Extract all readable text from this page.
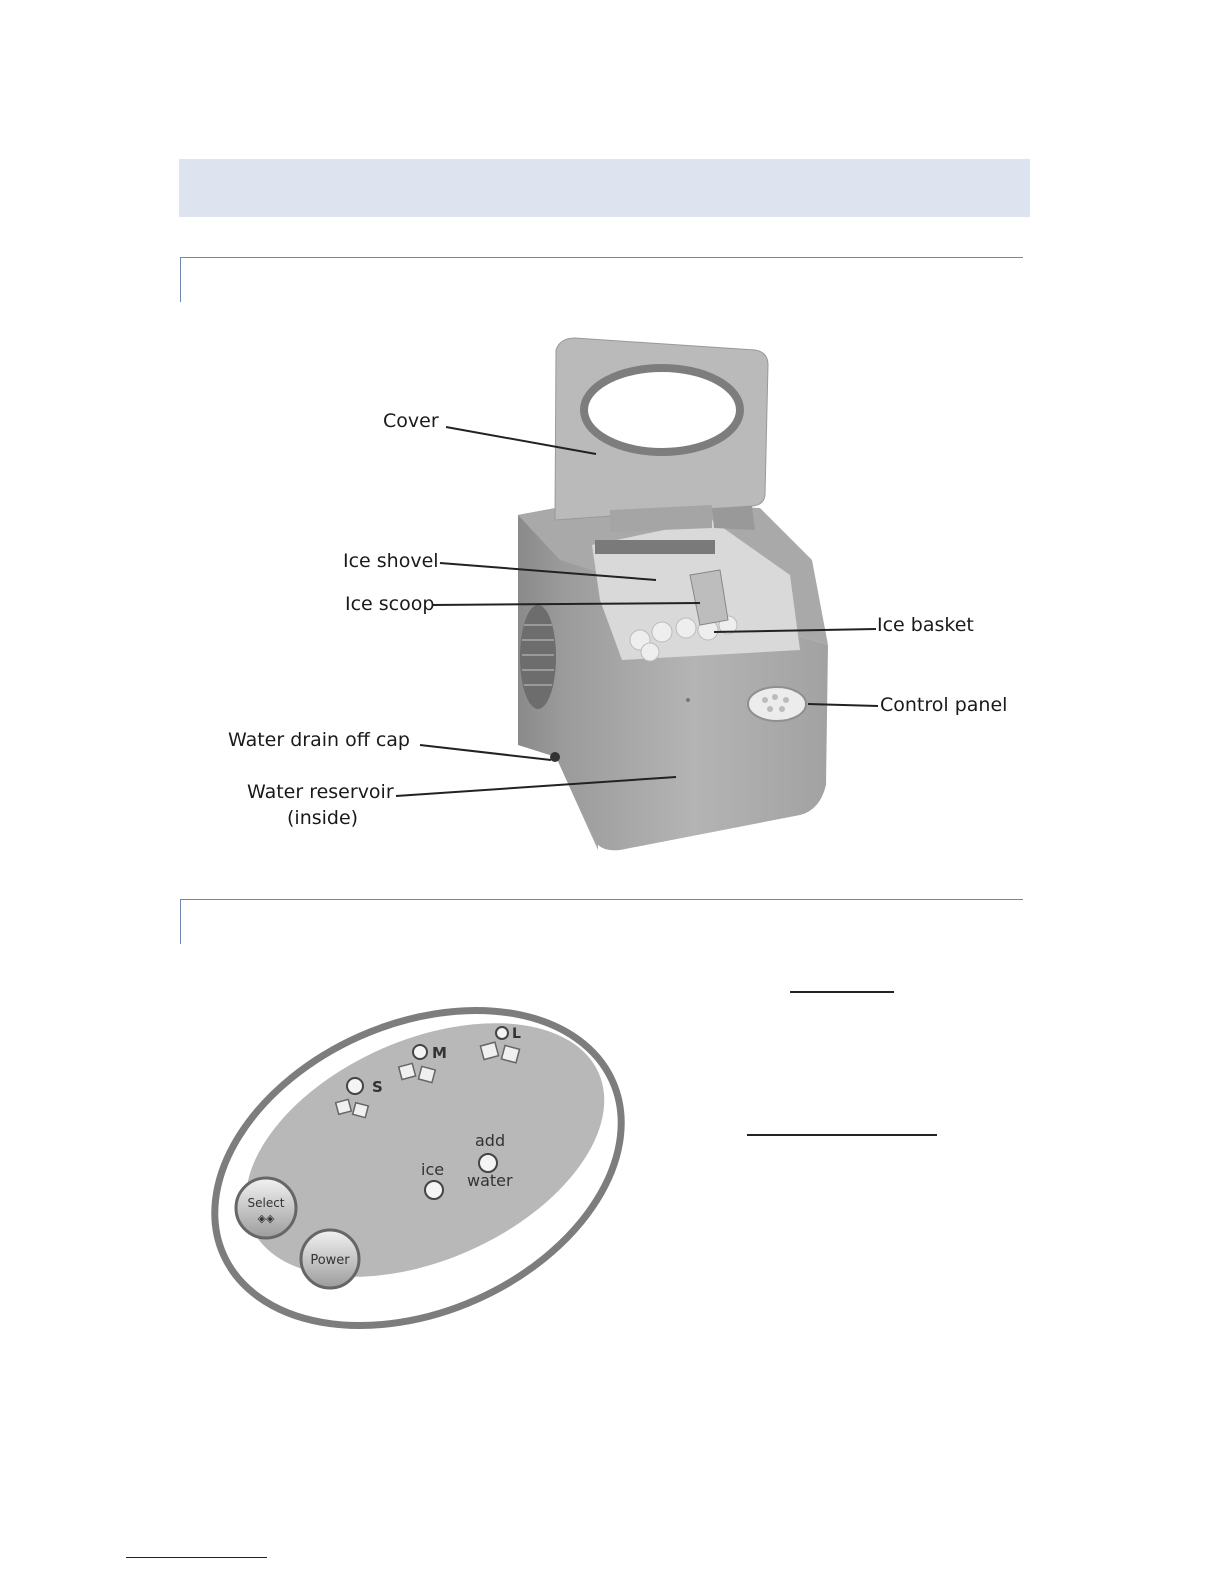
Cover
Ice shovel
Ice scoop
Ice basket
Control panel
Water drain off cap
Water reservoir
(inside)
S
M
L
ice
add
water
Select
◈◈
Power
